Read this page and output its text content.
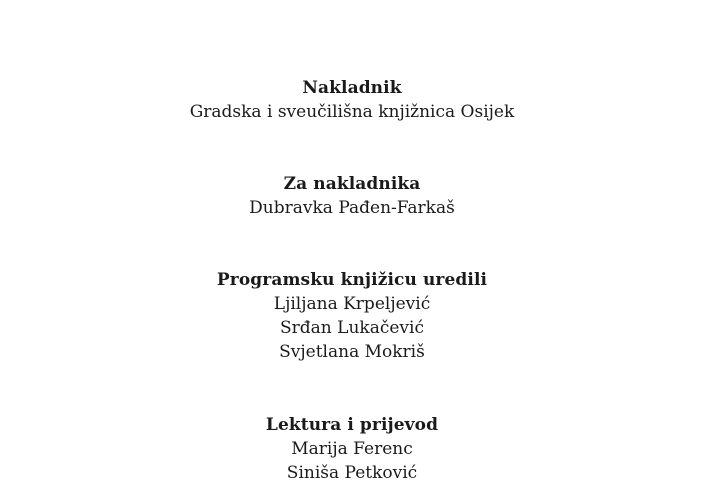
Nakladnik
Gradska i sveučilišna knjižnica Osijek
Za nakladnika
Dubravka Pađen-Farkaš
Programsku knjižicu uredili
Ljiljana Krpeljević
Srđan Lukačević
Svjetlana Mokriš
Lektura i prijevod
Marija Ferenc
Siniša Petković
